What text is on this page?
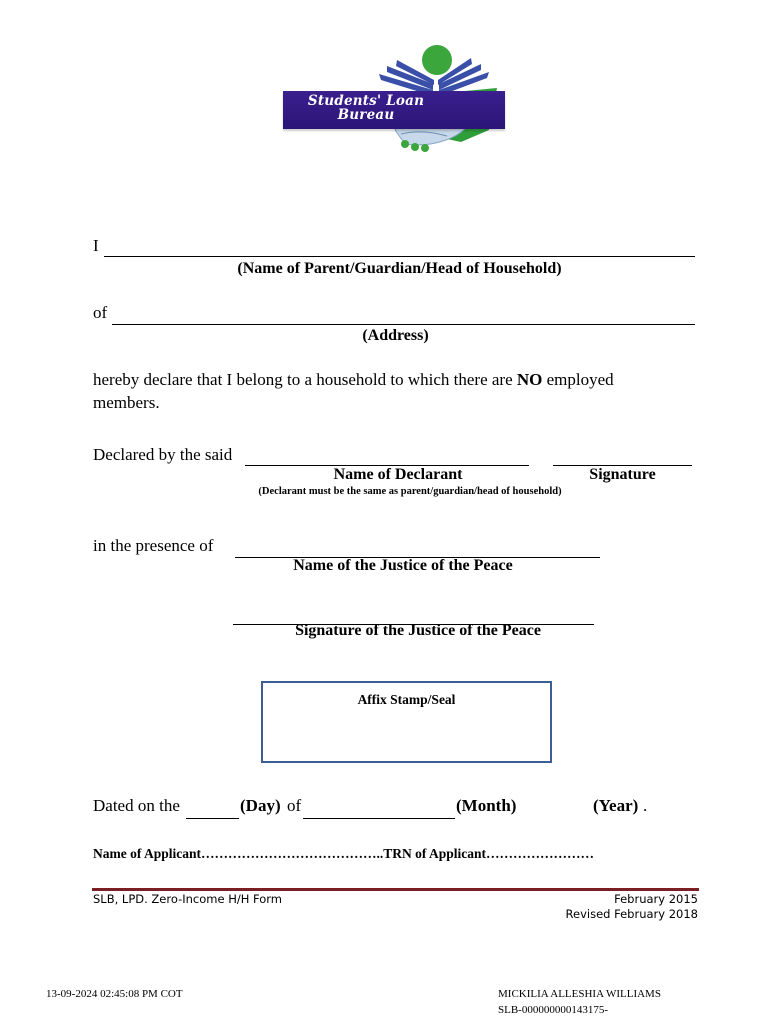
Students' Loan
Bureau
I
(Name of Parent/Guardian/Head of Household)
of
(Address)
hereby declare that I belong to a household to which there are NO employed
members.
Declared by the said
Name of Declarant	Signature
(Declarant must be the same as parent/guardian/head of household)
in the presence of
Name of the Justice of the Peace
Signature of the Justice of the Peace
Affix Stamp/Seal
Dated on the	(Day) of	(Month)	(Year) .
Name of Applicant…………………………………..TRN of Applicant……………………
SLB, LPD. Zero-Income H/H Form	February 2015
Revised February 2018
13-09-2024 02:45:08 PM COT	MICKILIA ALLESHIA WILLIAMS
SLB-000000000143175-
